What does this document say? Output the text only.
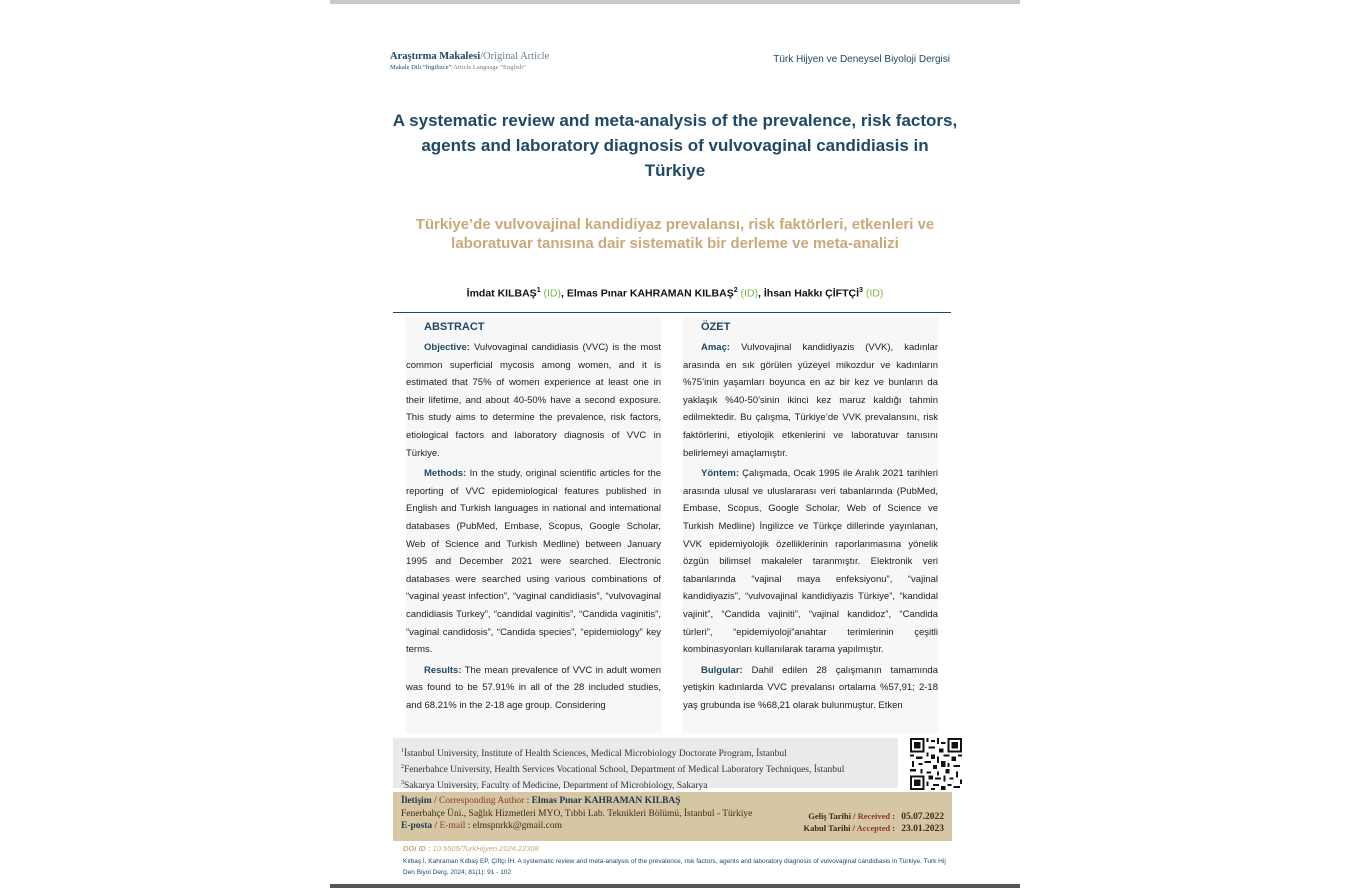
Araştırma Makalesi/Original Article
Makale Dili “İngilizce”/Article Language “English”
Türk Hijyen ve Deneysel Biyoloji Dergisi
A systematic review and meta-analysis of the prevalence, risk factors, agents and laboratory diagnosis of vulvovaginal candidiasis in Türkiye
Türkiye’de vulvovajinal kandidiyaz prevalansı, risk faktörleri, etkenleri ve laboratuvar tanısına dair sistematik bir derleme ve meta-analizi
İmdat KILBAŞ$^1$ (ID), Elmas Pınar KAHRAMAN KILBAŞ$^2$ (ID), İhsan Hakkı ÇİFTÇİ$^3$ (ID)
ABSTRACT

Objective: Vulvovaginal candidiasis (VVC) is the most common superficial mycosis among women, and it is estimated that 75% of women experience at least one in their lifetime, and about 40-50% have a second exposure. This study aims to determine the prevalence, risk factors, etiological factors and laboratory diagnosis of VVC in Türkiye.

Methods: In the study, original scientific articles for the reporting of VVC epidemiological features published in English and Turkish languages in national and international databases (PubMed, Embase, Scopus, Google Scholar, Web of Science and Turkish Medline) between January 1995 and December 2021 were searched. Electronic databases were searched using various combinations of “vaginal yeast infection”, “vaginal candidiasis”, “vulvovaginal candidiasis Turkey”, “candidal vaginitis”, “Candida vaginitis”, “vaginal candidosis”, “Candida species”, “epidemiology” key terms.

Results: The mean prevalence of VVC in adult women was found to be 57.91% in all of the 28 included studies, and 68.21% in the 2-18 age group. Considering

ÖZET

Amaç: Vulvovajinal kandidiyazis (VVK), kadınlar arasında en sık görülen yüzeyel mikozdur ve kadınların %75’inin yaşamları boyunca en az bir kez ve bunların da yaklaşık %40-50’sinin ikinci kez maruz kaldığı tahmin edilmektedir. Bu çalışma, Türkiye’de VVK prevalansını, risk faktörlerini, etiyolojik etkenlerini ve laboratuvar tanısını belirlemeyi amaçlamıştır.

Yöntem: Çalışmada, Ocak 1995 ile Aralık 2021 tarihleri arasında ulusal ve uluslararası veri tabanlarında (PubMed, Embase, Scopus, Google Scholar, Web of Science ve Turkish Medline) İngilizce ve Türkçe dillerinde yayınlanan, VVK epidemiyolojik özelliklerinin raporlanmasına yönelik özgün bilimsel makaleler taranmıştır. Elektronik veri tabanlarında “vajinal maya enfeksiyonu”, “vajinal kandidiyazis”, “vulvovajinal kandidiyazis Türkiye”, “kandidal vajinit”, “Candida vajiniti”, “vajinal kandidoz”, “Candida türleri”, “epidemiyoloji”anahtar terimlerinin çeşitli kombinasyonları kullanılarak tarama yapılmıştır.

Bulgular: Dahil edilen 28 çalışmanın tamamında yetişkin kadınlarda VVC prevalansı ortalama %57,91; 2-18 yaş grubunda ise %68,21 olarak bulunmuştur. Etken

$^1$İstanbul University, Institute of Health Sciences, Medical Microbiology Doctorate Program, İstanbul
$^2$Fenerbahce University, Health Services Vocational School, Department of Medical Laboratory Techniques, İstanbul
$^3$Sakarya University, Faculty of Medicine, Department of Microbiology, Sakarya
İletişim / Corresponding Author : Elmas Pınar KAHRAMAN KILBAŞ
Fenerbahçe Üni., Sağlık Hizmetleri MYO, Tıbbi Lab. Teknikleri Bölümü, İstanbul - Türkiye
E-posta / E-mail : elmspnrkk@gmail.com
Geliş Tarihi / Received : 05.07.2022
Kabul Tarihi / Accepted : 23.01.2023
DOI ID : 10.5505/TurkHijyen.2024.22308
Kılbaş İ, Kahraman Kılbaş EP, Çiftçi İH. A systematic review and meta-analysis of the prevalence, risk factors, agents and laboratory diagnosis of vulvovaginal candidiasis in Türkiye. Turk Hij Den Biyol Derg, 2024; 81(1): 91 - 102
